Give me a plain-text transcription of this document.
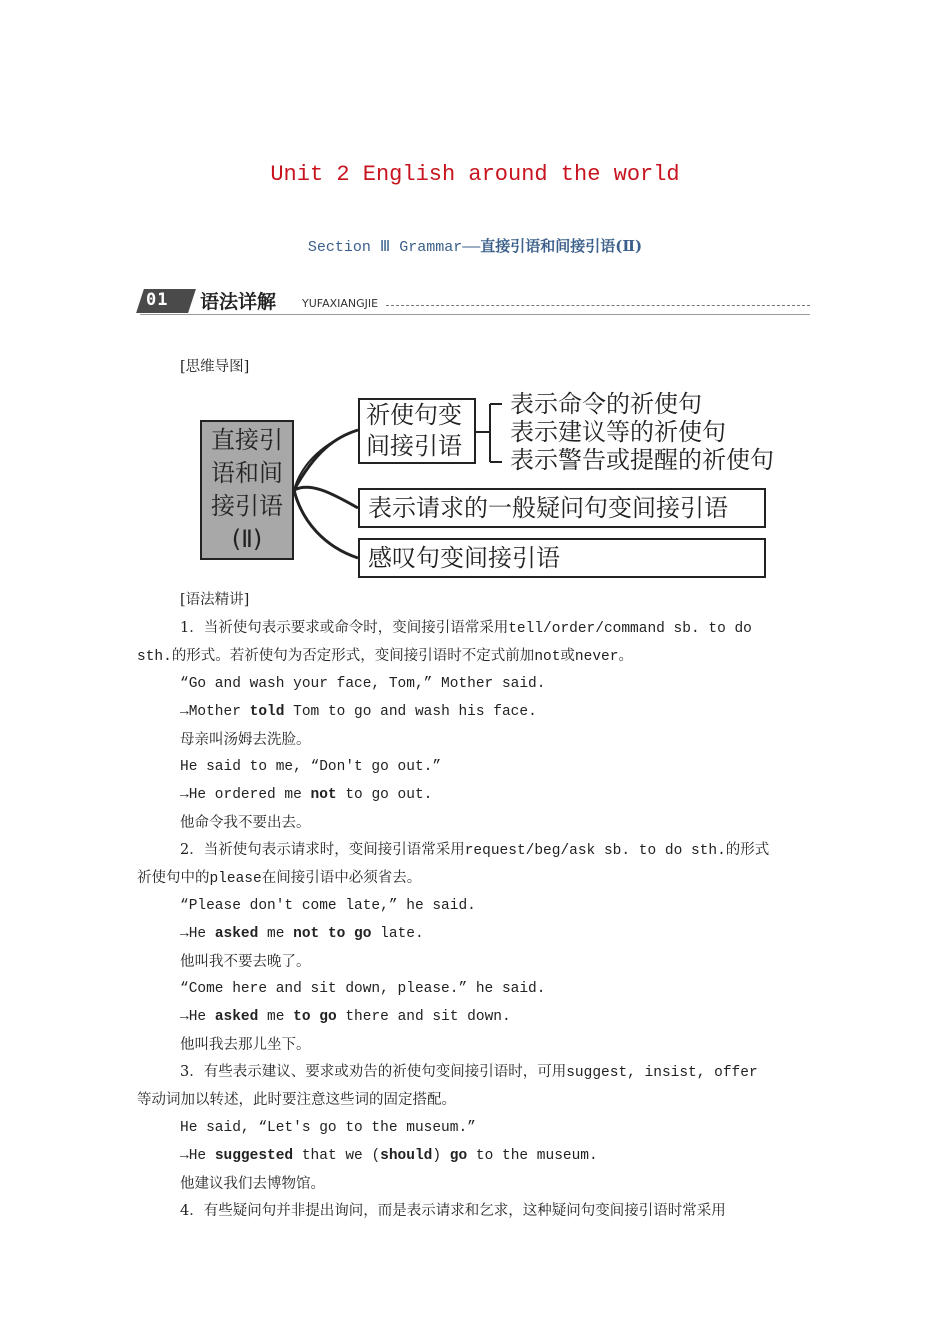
Unit 2 English around the world
Section Ⅲ Grammar——直接引语和间接引语(Ⅱ)
01 语法详解 YUFAXIANGJIE
[思维导图]
直接引
语和间
接引语
(Ⅱ)
祈使句变
间接引语
表示命令的祈使句
表示建议等的祈使句
表示警告或提醒的祈使句
表示请求的一般疑问句变间接引语
感叹句变间接引语
[语法精讲]
1．当祈使句表示要求或命令时，变间接引语常采用tell/order/command sb. to do
sth.的形式。若祈使句为否定形式，变间接引语时不定式前加not或never。
“Go and wash your face, Tom,” Mother said.
→Mother told Tom to go and wash his face.
母亲叫汤姆去洗脸。
He said to me, “Don't go out.”
→He ordered me not to go out.
他命令我不要出去。
2．当祈使句表示请求时，变间接引语常采用request/beg/ask sb. to do sth.的形式
祈使句中的please在间接引语中必须省去。
“Please don't come late,” he said.
→He asked me not to go late.
他叫我不要去晚了。
“Come here and sit down, please.” he said.
→He asked me to go there and sit down.
他叫我去那儿坐下。
3．有些表示建议、要求或劝告的祈使句变间接引语时，可用suggest, insist, offer
等动词加以转述，此时要注意这些词的固定搭配。
He said, “Let's go to the museum.”
→He suggested that we (should) go to the museum.
他建议我们去博物馆。
4．有些疑问句并非提出询问，而是表示请求和乞求，这种疑问句变间接引语时常采用
